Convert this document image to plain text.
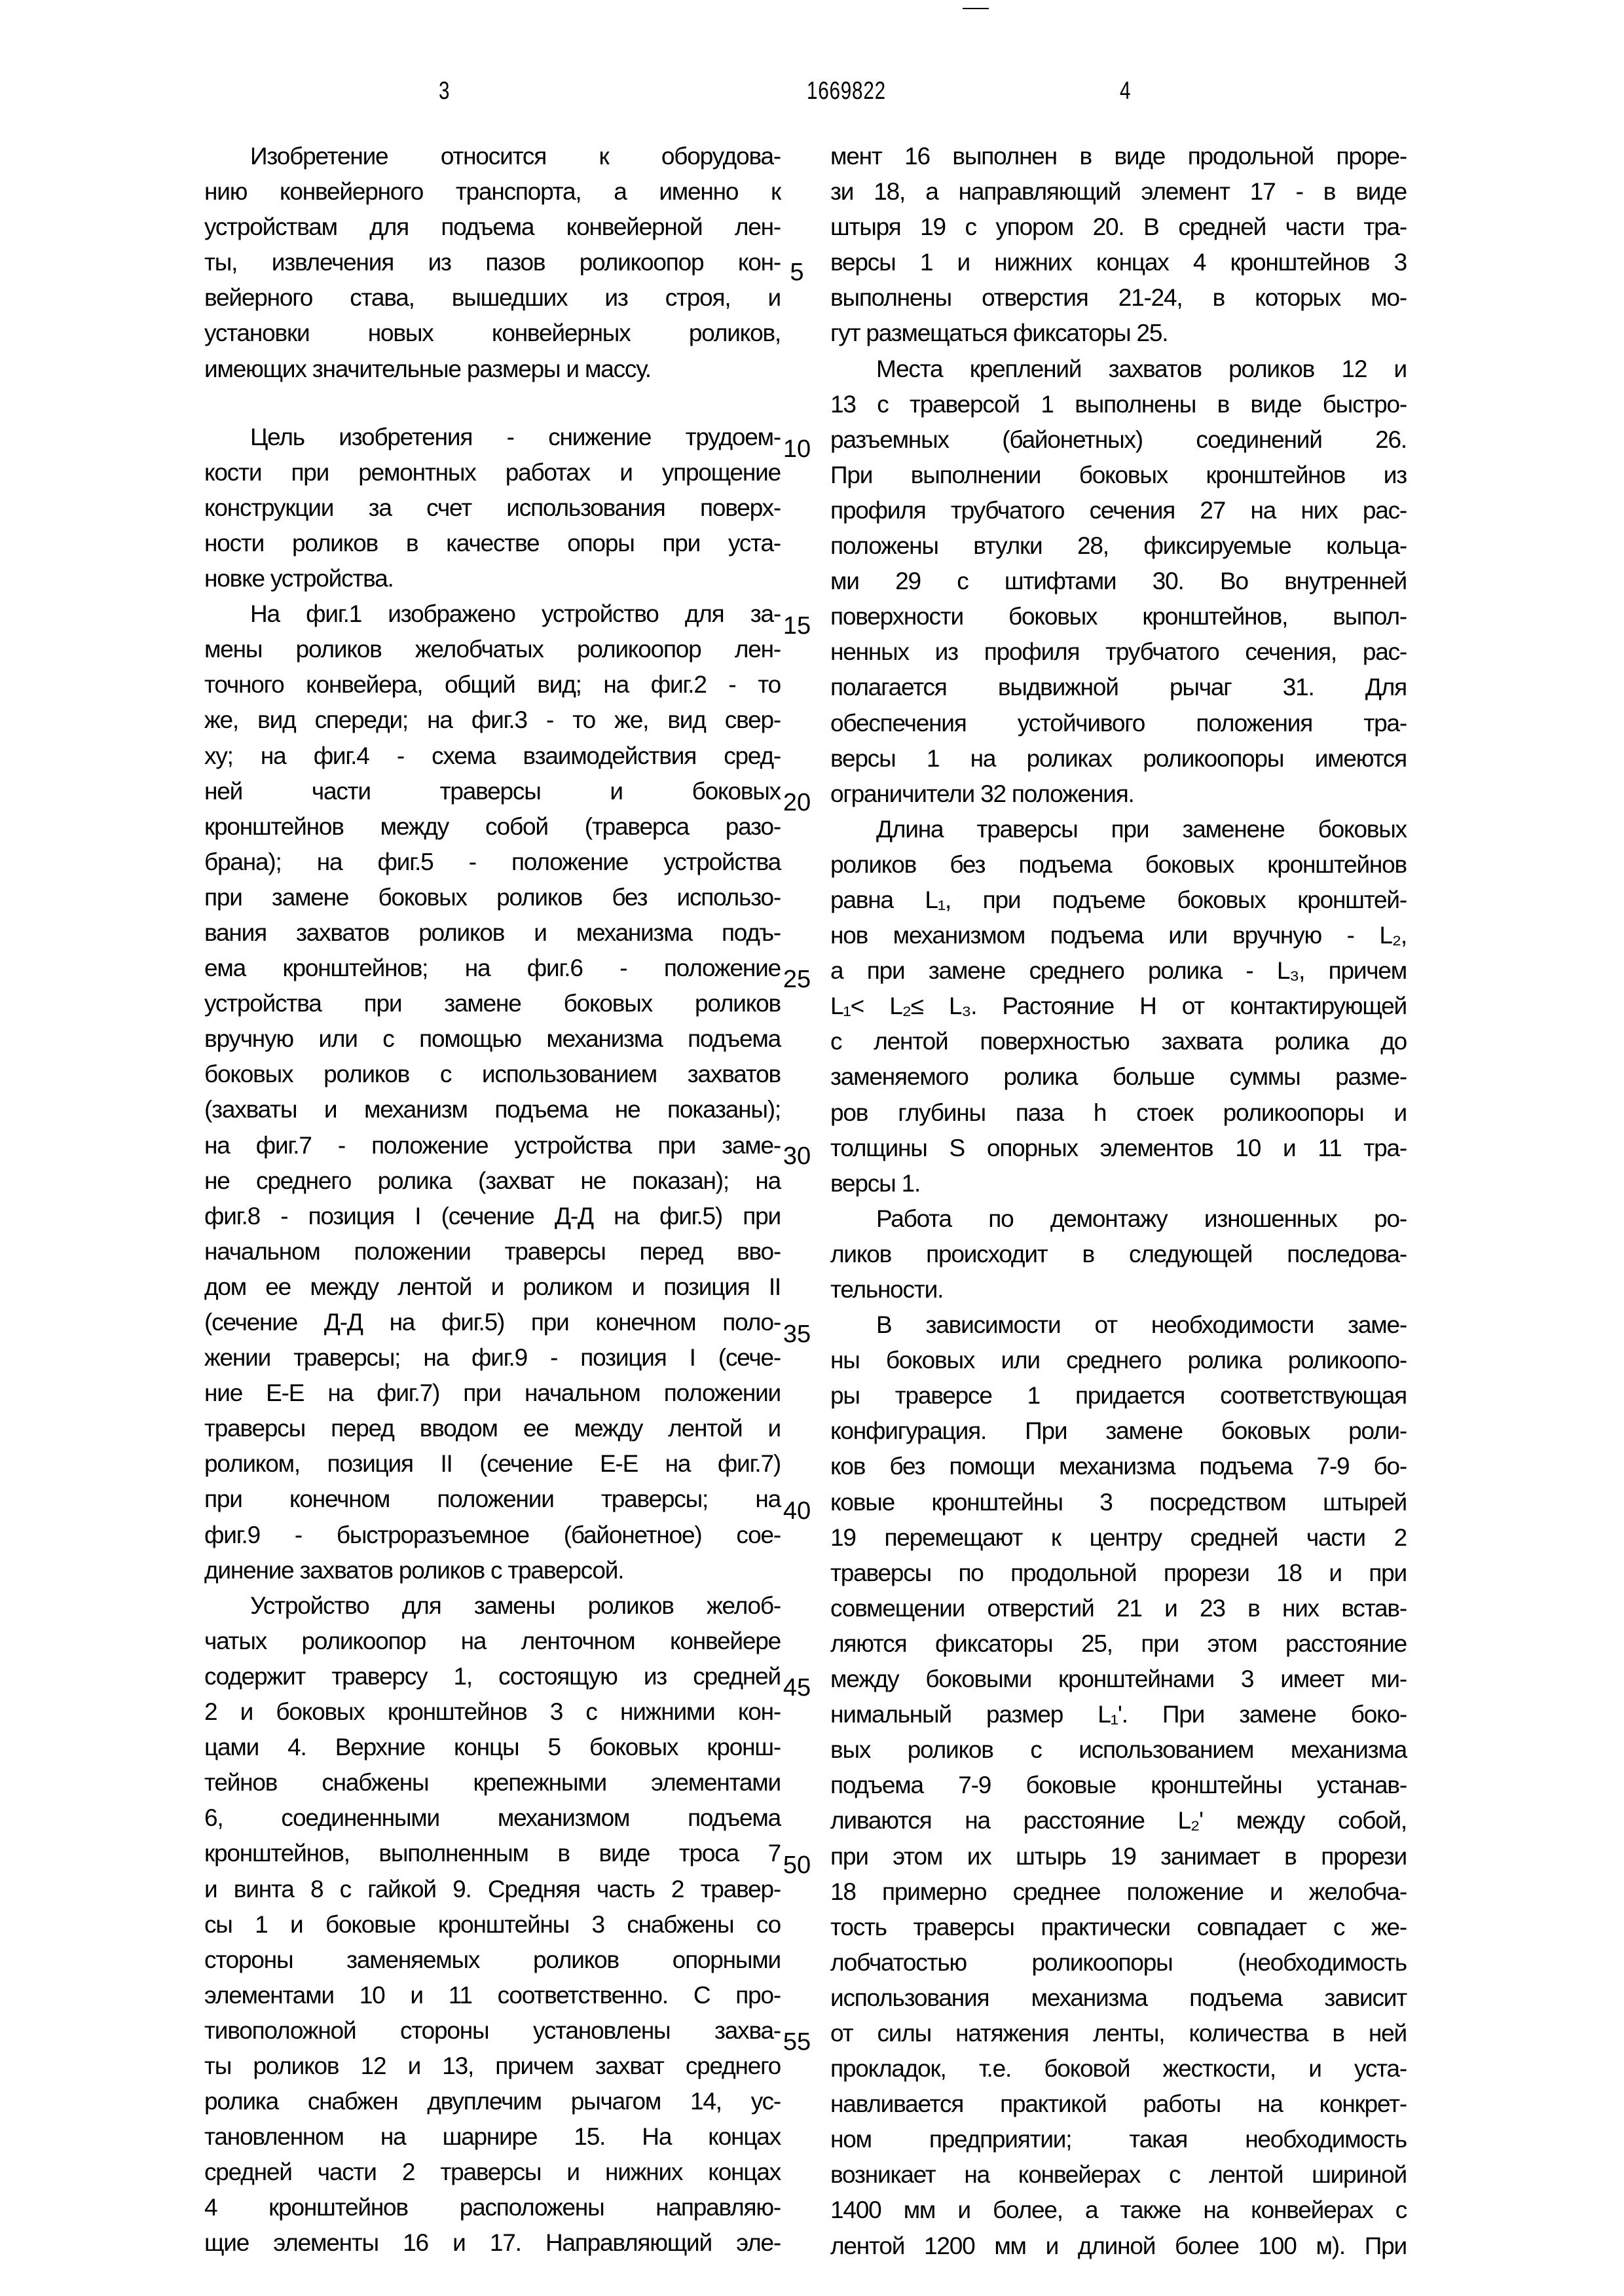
3	1669822	4
Изобретение относится к оборудова-
нию конвейерного транспорта, а именно к
устройствам для подъема конвейерной лен-
ты, извлечения из пазов роликоопор кон-
вейерного става, вышедших из строя, и
установки новых конвейерных роликов,
имеющих значительные размеры и массу.
Цель изобретения - снижение трудоем-
кости при ремонтных работах и упрощение
конструкции за счет использования поверх-
ности роликов в качестве опоры при уста-
новке устройства.
На фиг.1 изображено устройство для за-
мены роликов желобчатых роликоопор лен-
точного конвейера, общий вид; на фиг.2 - то
же, вид спереди; на фиг.3 - то же, вид свер-
ху; на фиг.4 - схема взаимодействия сред-
ней части траверсы и боковых
кронштейнов между собой (траверса разо-
брана); на фиг.5 - положение устройства
при замене боковых роликов без использо-
вания захватов роликов и механизма подъ-
ема кронштейнов; на фиг.6 - положение
устройства при замене боковых роликов
вручную или с помощью механизма подъема
боковых роликов с использованием захватов
(захваты и механизм подъема не показаны);
на фиг.7 - положение устройства при заме-
не среднего ролика (захват не показан); на
фиг.8 - позиция I (сечение Д-Д на фиг.5) при
начальном положении траверсы перед вво-
дом ее между лентой и роликом и позиция II
(сечение Д-Д на фиг.5) при конечном поло-
жении траверсы; на фиг.9 - позиция I (сече-
ние Е-Е на фиг.7) при начальном положении
траверсы перед вводом ее между лентой и
роликом, позиция II (сечение Е-Е на фиг.7)
при конечном положении траверсы; на
фиг.9 - быстроразъемное (байонетное) сое-
динение захватов роликов с траверсой.
Устройство для замены роликов желоб-
чатых роликоопор на ленточном конвейере
содержит траверсу 1, состоящую из средней
2 и боковых кронштейнов 3 с нижними кон-
цами 4. Верхние концы 5 боковых кронш-
тейнов снабжены крепежными элементами
6, соединенными механизмом подъема
кронштейнов, выполненным в виде троса 7
и винта 8 с гайкой 9. Средняя часть 2 травер-
сы 1 и боковые кронштейны 3 снабжены со
стороны заменяемых роликов опорными
элементами 10 и 11 соответственно. С про-
тивоположной стороны установлены захва-
ты роликов 12 и 13, причем захват среднего
ролика снабжен двуплечим рычагом 14, ус-
тановленном на шарнире 15. На концах
средней части 2 траверсы и нижних концах
4 кронштейнов расположены направляю-
щие элементы 16 и 17. Направляющий эле-
мент 16 выполнен в виде продольной проре-
зи 18, а направляющий элемент 17 - в виде
штыря 19 с упором 20. В средней части тра-
версы 1 и нижних концах 4 кронштейнов 3
выполнены отверстия 21-24, в которых мо-
гут размещаться фиксаторы 25.
Места креплений захватов роликов 12 и
13 с траверсой 1 выполнены в виде быстро-
разъемных (байонетных) соединений 26.
При выполнении боковых кронштейнов из
профиля трубчатого сечения 27 на них рас-
положены втулки 28, фиксируемые кольца-
ми 29 с штифтами 30. Во внутренней
поверхности боковых кронштейнов, выпол-
ненных из профиля трубчатого сечения, рас-
полагается выдвижной рычаг 31. Для
обеспечения устойчивого положения тра-
версы 1 на роликах роликоопоры имеются
ограничители 32 положения.
Длина траверсы при заменене боковых
роликов без подъема боковых кронштейнов
равна L₁, при подъеме боковых кронштей-
нов механизмом подъема или вручную - L₂,
а при замене среднего ролика - L₃, причем
L₁< L₂≤ L₃. Растояние H от контактирующей
с лентой поверхностью захвата ролика до
заменяемого ролика больше суммы разме-
ров глубины паза h стоек роликоопоры и
толщины S опорных элементов 10 и 11 тра-
версы 1.
Работа по демонтажу изношенных ро-
ликов происходит в следующей последова-
тельности.
В зависимости от необходимости заме-
ны боковых или среднего ролика роликоопо-
ры траверсе 1 придается соответствующая
конфигурация. При замене боковых роли-
ков без помощи механизма подъема 7-9 бо-
ковые кронштейны 3 посредством штырей
19 перемещают к центру средней части 2
траверсы по продольной прорези 18 и при
совмещении отверстий 21 и 23 в них встав-
ляются фиксаторы 25, при этом расстояние
между боковыми кронштейнами 3 имеет ми-
нимальный размер L₁'. При замене боко-
вых роликов с использованием механизма
подъема 7-9 боковые кронштейны устанав-
ливаются на расстояние L₂' между собой,
при этом их штырь 19 занимает в прорези
18 примерно среднее положение и желобча-
тость траверсы практически совпадает с же-
лобчатостью роликоопоры (необходимость
использования механизма подъема зависит
от силы натяжения ленты, количества в ней
прокладок, т.е. боковой жесткости, и уста-
навливается практикой работы на конкрет-
ном предприятии; такая необходимость
возникает на конвейерах с лентой шириной
1400 мм и более, а также на конвейерах с
лентой 1200 мм и длиной более 100 м). При
5
10
15
20
25
30
35
40
45
50
55
